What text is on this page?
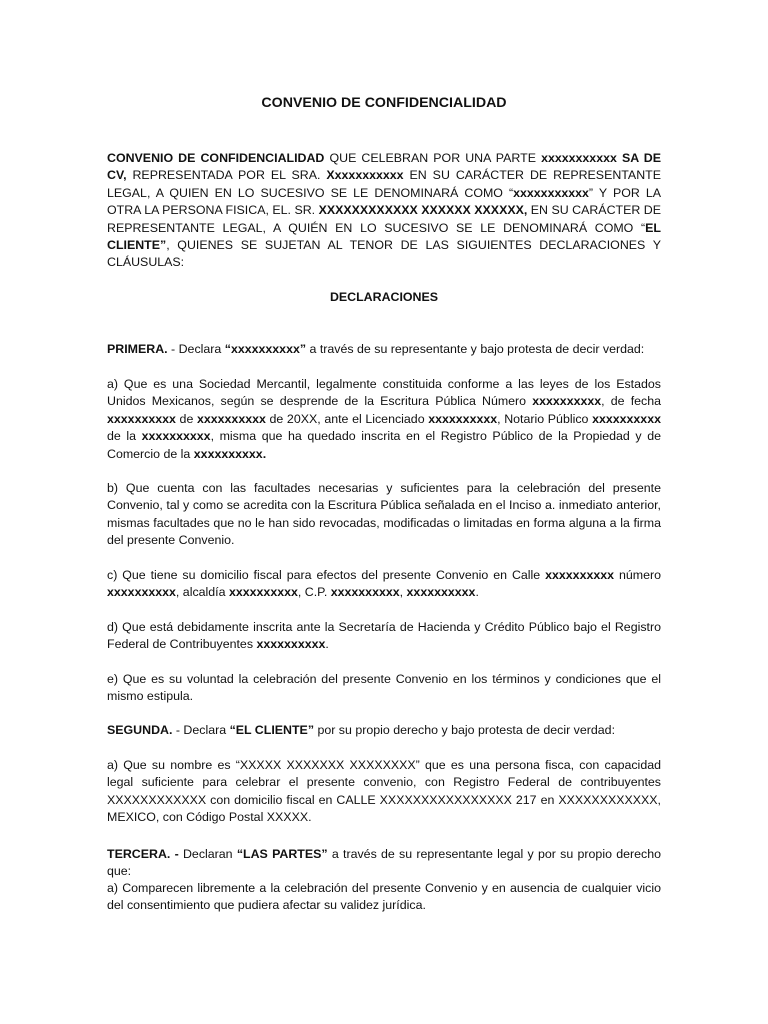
CONVENIO DE CONFIDENCIALIDAD

CONVENIO DE CONFIDENCIALIDAD QUE CELEBRAN POR UNA PARTE xxxxxxxxxxx SA DE CV, REPRESENTADA POR EL SRA. Xxxxxxxxxxx EN SU CARÁCTER DE REPRESENTANTE LEGAL, A QUIEN EN LO SUCESIVO SE LE DENOMINARÁ COMO “xxxxxxxxxxx” Y POR LA OTRA LA PERSONA FISICA, EL. SR. XXXXXXXXXXXX XXXXXX XXXXXX, EN SU CARÁCTER DE REPRESENTANTE LEGAL, A QUIÉN EN LO SUCESIVO SE LE DENOMINARÁ COMO “EL CLIENTE”, QUIENES SE SUJETAN AL TENOR DE LAS SIGUIENTES DECLARACIONES Y CLÁUSULAS:

DECLARACIONES

PRIMERA. - Declara “xxxxxxxxxx” a través de su representante y bajo protesta de decir verdad:

a) Que es una Sociedad Mercantil, legalmente constituida conforme a las leyes de los Estados Unidos Mexicanos, según se desprende de la Escritura Pública Número xxxxxxxxxx, de fecha xxxxxxxxxx de xxxxxxxxxx de 20XX, ante el Licenciado xxxxxxxxxx, Notario Público xxxxxxxxxx de la xxxxxxxxxx, misma que ha quedado inscrita en el Registro Público de la Propiedad y de Comercio de la xxxxxxxxxx.

b) Que cuenta con las facultades necesarias y suficientes para la celebración del presente Convenio, tal y como se acredita con la Escritura Pública señalada en el Inciso a. inmediato anterior, mismas facultades que no le han sido revocadas, modificadas o limitadas en forma alguna a la firma del presente Convenio.

c) Que tiene su domicilio fiscal para efectos del presente Convenio en Calle xxxxxxxxxx número xxxxxxxxxx, alcaldía xxxxxxxxxx, C.P. xxxxxxxxxx, xxxxxxxxxx.

d) Que está debidamente inscrita ante la Secretaría de Hacienda y Crédito Público bajo el Registro Federal de Contribuyentes xxxxxxxxxx.

e) Que es su voluntad la celebración del presente Convenio en los términos y condiciones que el mismo estipula.

SEGUNDA. - Declara “EL CLIENTE” por su propio derecho y bajo protesta de decir verdad:

a) Que su nombre es “XXXXX XXXXXXX XXXXXXXX” que es una persona fisca, con capacidad legal suficiente para celebrar el presente convenio, con Registro Federal de contribuyentes XXXXXXXXXXXX con domicilio fiscal en CALLE XXXXXXXXXXXXXXXX 217 en XXXXXXXXXXXX, MEXICO, con Código Postal XXXXX.

TERCERA. - Declaran “LAS PARTES” a través de su representante legal y por su propio derecho que:

a) Comparecen libremente a la celebración del presente Convenio y en ausencia de cualquier vicio del consentimiento que pudiera afectar su validez jurídica.
